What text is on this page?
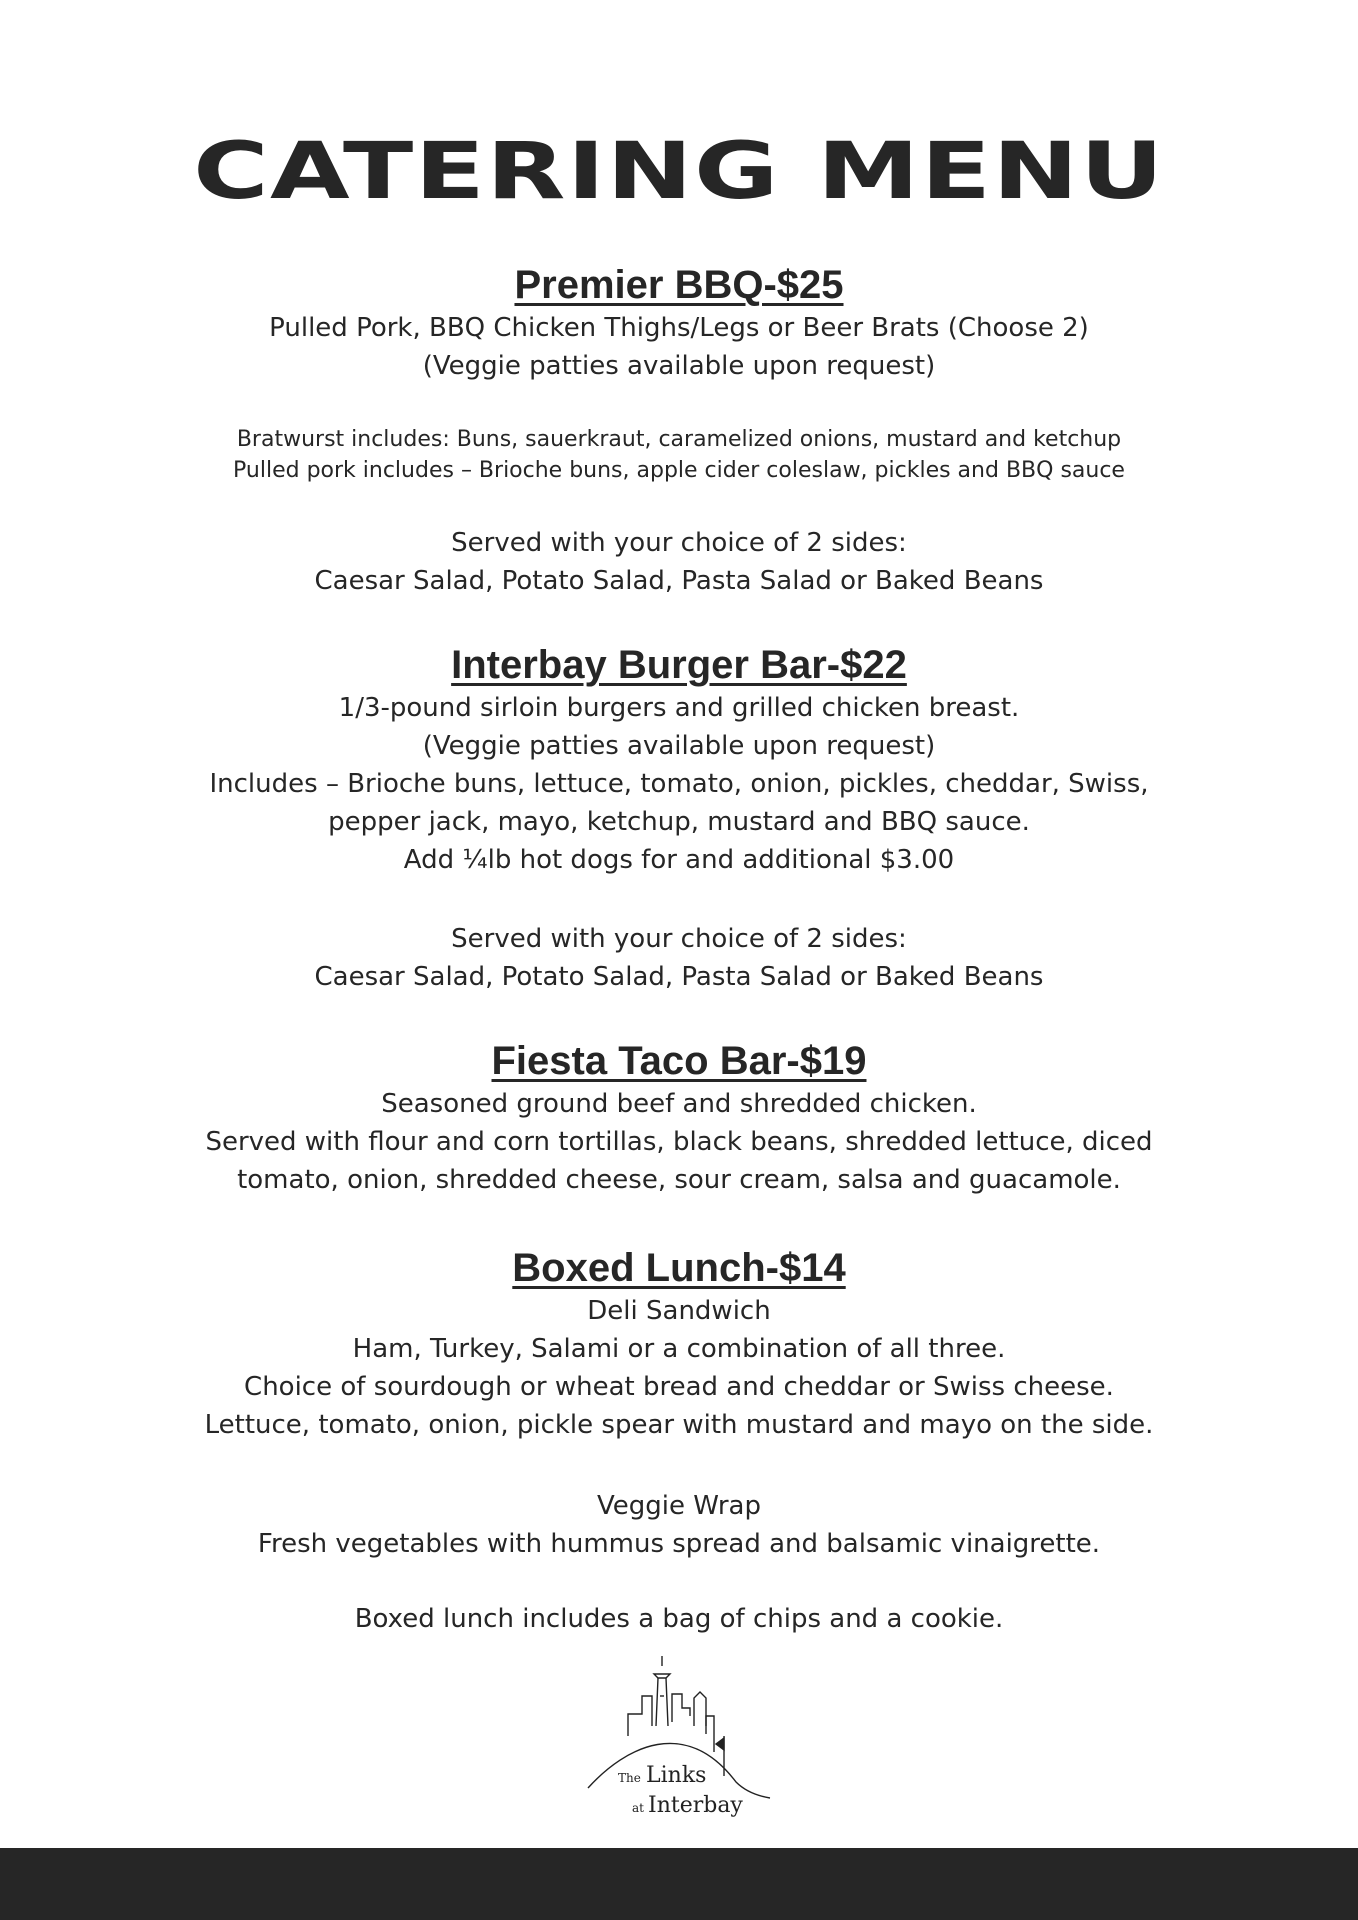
CATERING MENU
Premier BBQ-$25
Pulled Pork, BBQ Chicken Thighs/Legs or Beer Brats (Choose 2)
(Veggie patties available upon request)
Bratwurst includes: Buns, sauerkraut, caramelized onions, mustard and ketchup
Pulled pork includes – Brioche buns, apple cider coleslaw, pickles and BBQ sauce
Served with your choice of 2 sides:
Caesar Salad, Potato Salad, Pasta Salad or Baked Beans
Interbay Burger Bar-$22
1/3-pound sirloin burgers and grilled chicken breast.
(Veggie patties available upon request)
Includes – Brioche buns, lettuce, tomato, onion, pickles, cheddar, Swiss,
pepper jack, mayo, ketchup, mustard and BBQ sauce.
Add ¼lb hot dogs for and additional $3.00
Served with your choice of 2 sides:
Caesar Salad, Potato Salad, Pasta Salad or Baked Beans
Fiesta Taco Bar-$19
Seasoned ground beef and shredded chicken.
Served with flour and corn tortillas, black beans, shredded lettuce, diced
tomato, onion, shredded cheese, sour cream, salsa and guacamole.
Boxed Lunch-$14
Deli Sandwich
Ham, Turkey, Salami or a combination of all three.
Choice of sourdough or wheat bread and cheddar or Swiss cheese.
Lettuce, tomato, onion, pickle spear with mustard and mayo on the side.
Veggie Wrap
Fresh vegetables with hummus spread and balsamic vinaigrette.
Boxed lunch includes a bag of chips and a cookie.
The Links
at Interbay
